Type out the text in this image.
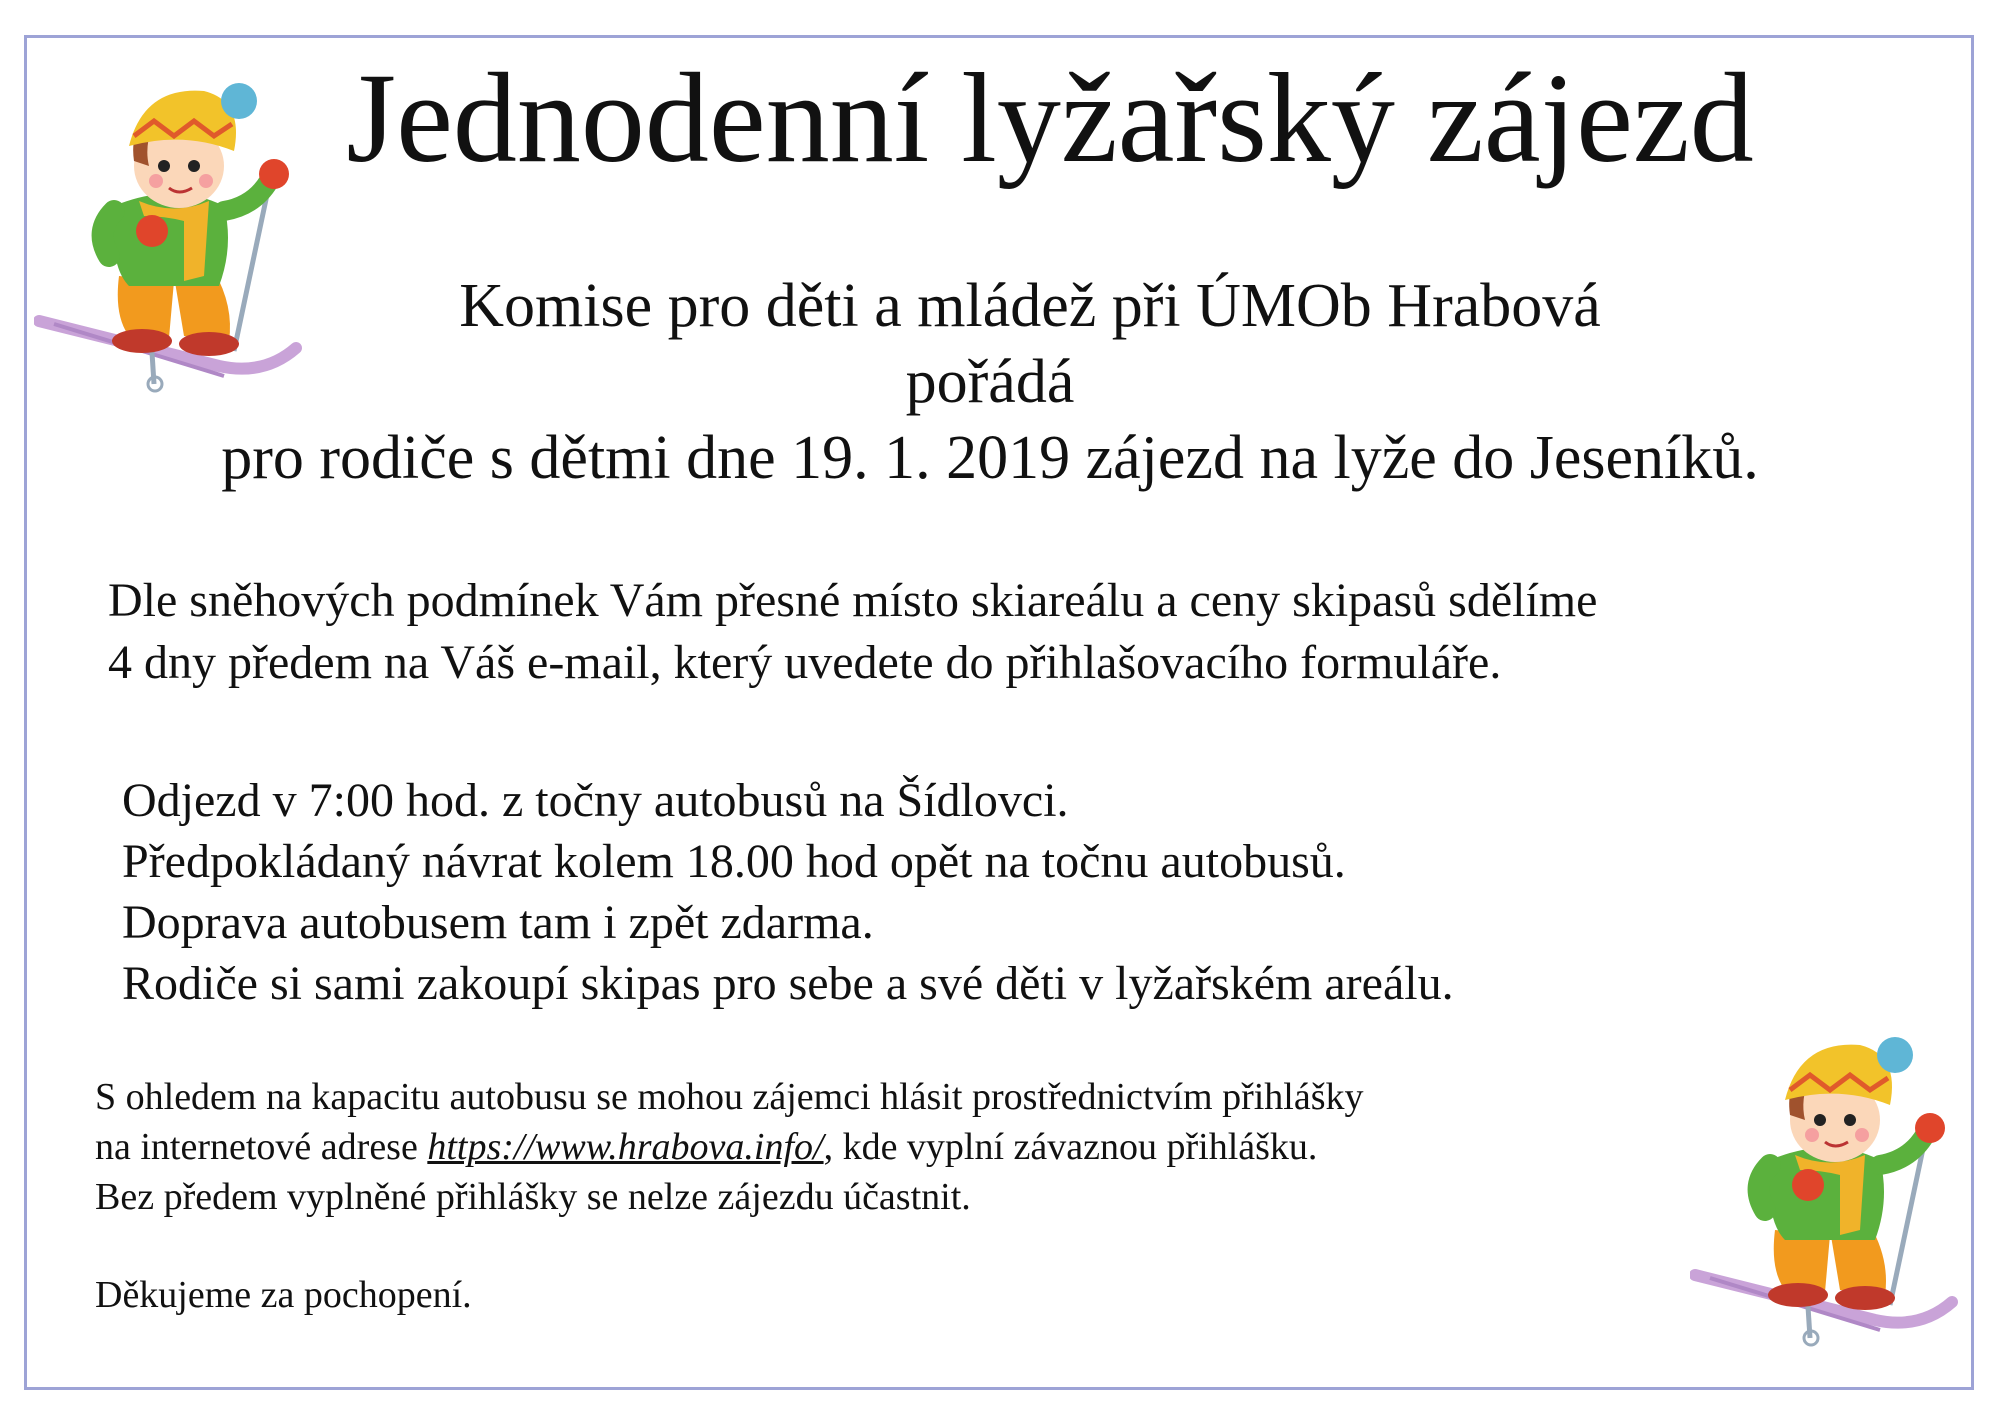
Jednodenní lyžařský zájezd
Komise pro děti a mládež při ÚMOb Hrabová
pořádá
pro rodiče s dětmi dne 19. 1. 2019 zájezd na lyže do Jeseníků.
Dle sněhových podmínek Vám přesné místo skiareálu a ceny skipasů sdělíme
4 dny předem na Váš e-mail, který uvedete do přihlašovacího formuláře.
Odjezd v 7:00 hod. z točny autobusů na Šídlovci.
Předpokládaný návrat kolem 18.00 hod opět na točnu autobusů.
Doprava autobusem tam i zpět zdarma.
Rodiče si sami zakoupí skipas pro sebe a své děti v lyžařském areálu.
S ohledem na kapacitu autobusu se mohou zájemci hlásit prostřednictvím přihlášky
na internetové adrese https://www.hrabova.info/, kde vyplní závaznou přihlášku.
Bez předem vyplněné přihlášky se nelze zájezdu účastnit.
Děkujeme za pochopení.
